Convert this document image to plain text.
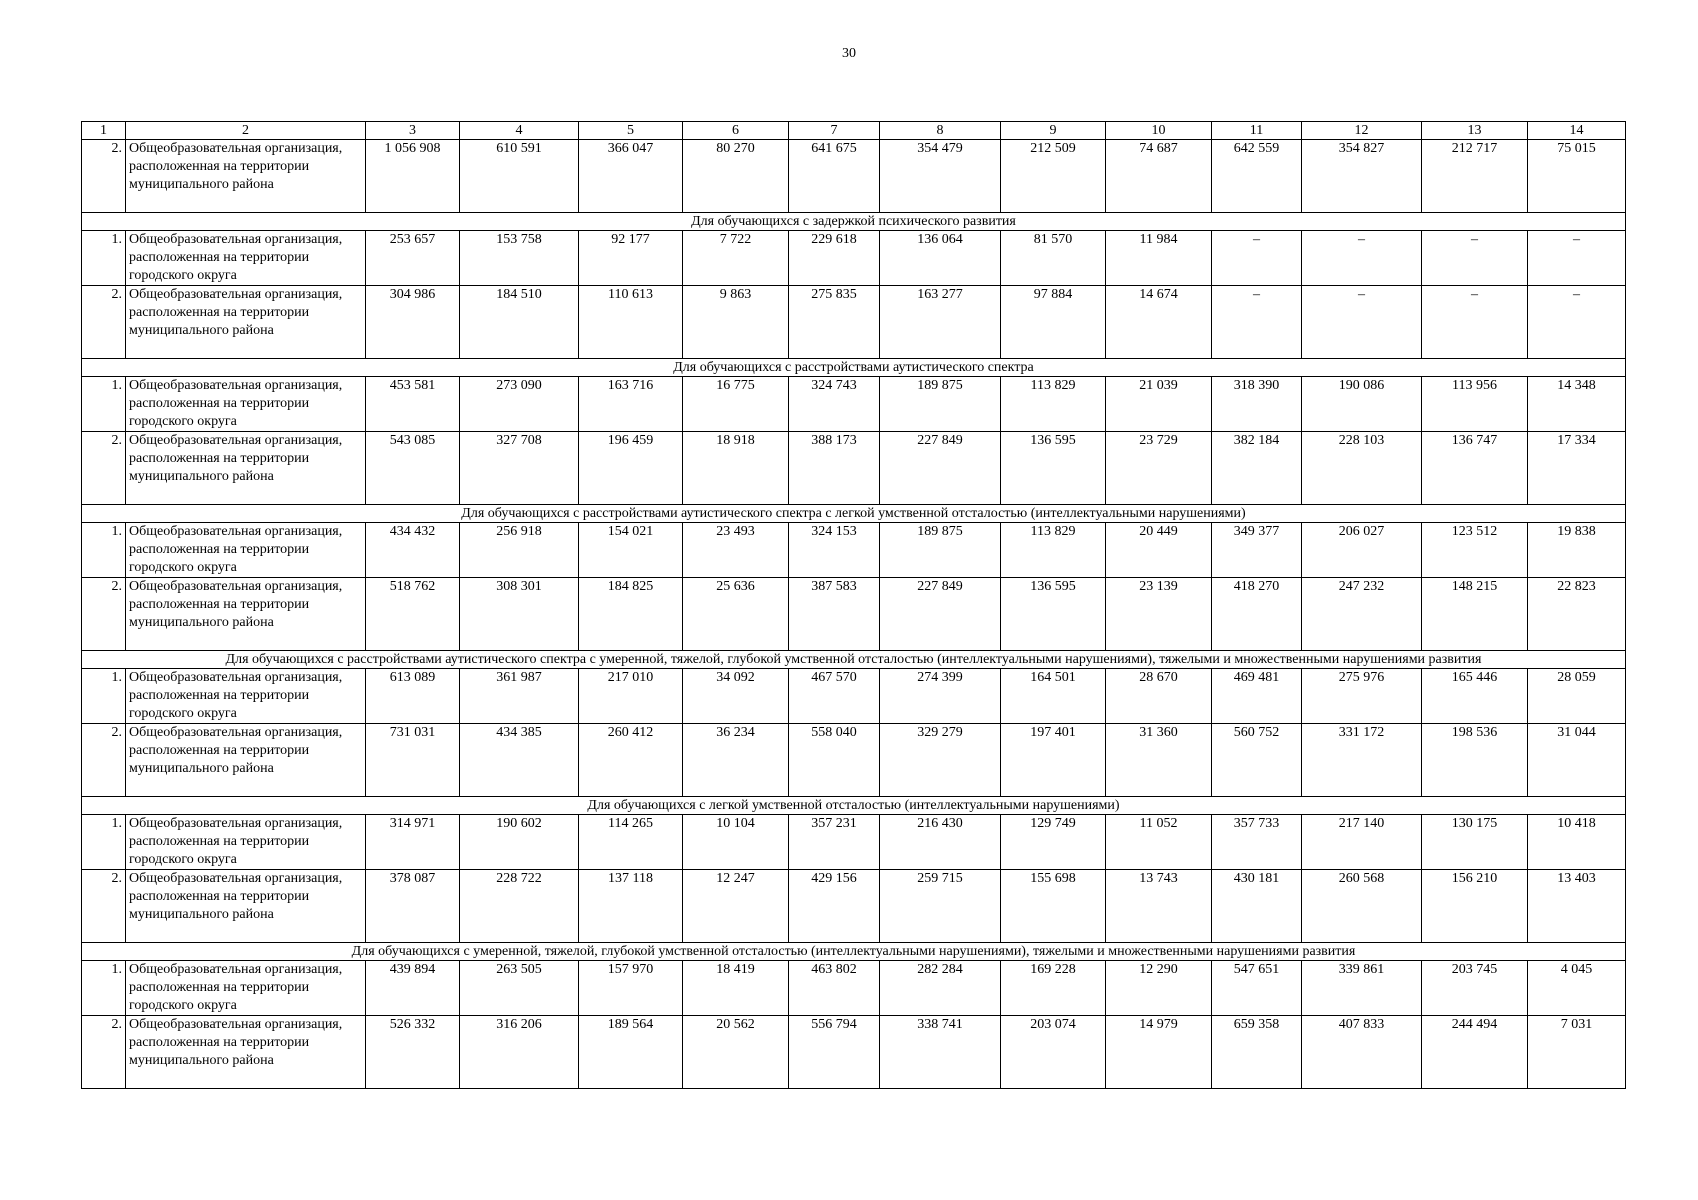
30
1	2	3	4	5	6	7	8	9	10	11	12	13	14
2.	Общеобразовательная организация, расположенная на территории муниципального района	1 056 908	610 591	366 047	80 270	641 675	354 479	212 509	74 687	642 559	354 827	212 717	75 015
Для обучающихся с задержкой психического развития													
1.	Общеобразовательная организация, расположенная на территории городского округа	253 657	153 758	92 177	7 722	229 618	136 064	81 570	11 984	–	–	–	–
2.	Общеобразовательная организация, расположенная на территории муниципального района	304 986	184 510	110 613	9 863	275 835	163 277	97 884	14 674	–	–	–	–
Для обучающихся с расстройствами аутистического спектра													
1.	Общеобразовательная организация, расположенная на территории городского округа	453 581	273 090	163 716	16 775	324 743	189 875	113 829	21 039	318 390	190 086	113 956	14 348
2.	Общеобразовательная организация, расположенная на территории муниципального района	543 085	327 708	196 459	18 918	388 173	227 849	136 595	23 729	382 184	228 103	136 747	17 334
Для обучающихся с расстройствами аутистического спектра с легкой умственной отсталостью (интеллектуальными нарушениями)													
1.	Общеобразовательная организация, расположенная на территории городского округа	434 432	256 918	154 021	23 493	324 153	189 875	113 829	20 449	349 377	206 027	123 512	19 838
2.	Общеобразовательная организация, расположенная на территории муниципального района	518 762	308 301	184 825	25 636	387 583	227 849	136 595	23 139	418 270	247 232	148 215	22 823
Для обучающихся с расстройствами аутистического спектра с умеренной, тяжелой, глубокой умственной отсталостью (интеллектуальными нарушениями), тяжелыми и множественными нарушениями развития													
1.	Общеобразовательная организация, расположенная на территории городского округа	613 089	361 987	217 010	34 092	467 570	274 399	164 501	28 670	469 481	275 976	165 446	28 059
2.	Общеобразовательная организация, расположенная на территории муниципального района	731 031	434 385	260 412	36 234	558 040	329 279	197 401	31 360	560 752	331 172	198 536	31 044
Для обучающихся с легкой умственной отсталостью (интеллектуальными нарушениями)													
1.	Общеобразовательная организация, расположенная на территории городского округа	314 971	190 602	114 265	10 104	357 231	216 430	129 749	11 052	357 733	217 140	130 175	10 418
2.	Общеобразовательная организация, расположенная на территории муниципального района	378 087	228 722	137 118	12 247	429 156	259 715	155 698	13 743	430 181	260 568	156 210	13 403
Для обучающихся с умеренной, тяжелой, глубокой умственной отсталостью (интеллектуальными нарушениями), тяжелыми и множественными нарушениями развития													
1.	Общеобразовательная организация, расположенная на территории городского округа	439 894	263 505	157 970	18 419	463 802	282 284	169 228	12 290	547 651	339 861	203 745	4 045
2.	Общеобразовательная организация, расположенная на территории муниципального района	526 332	316 206	189 564	20 562	556 794	338 741	203 074	14 979	659 358	407 833	244 494	7 031
